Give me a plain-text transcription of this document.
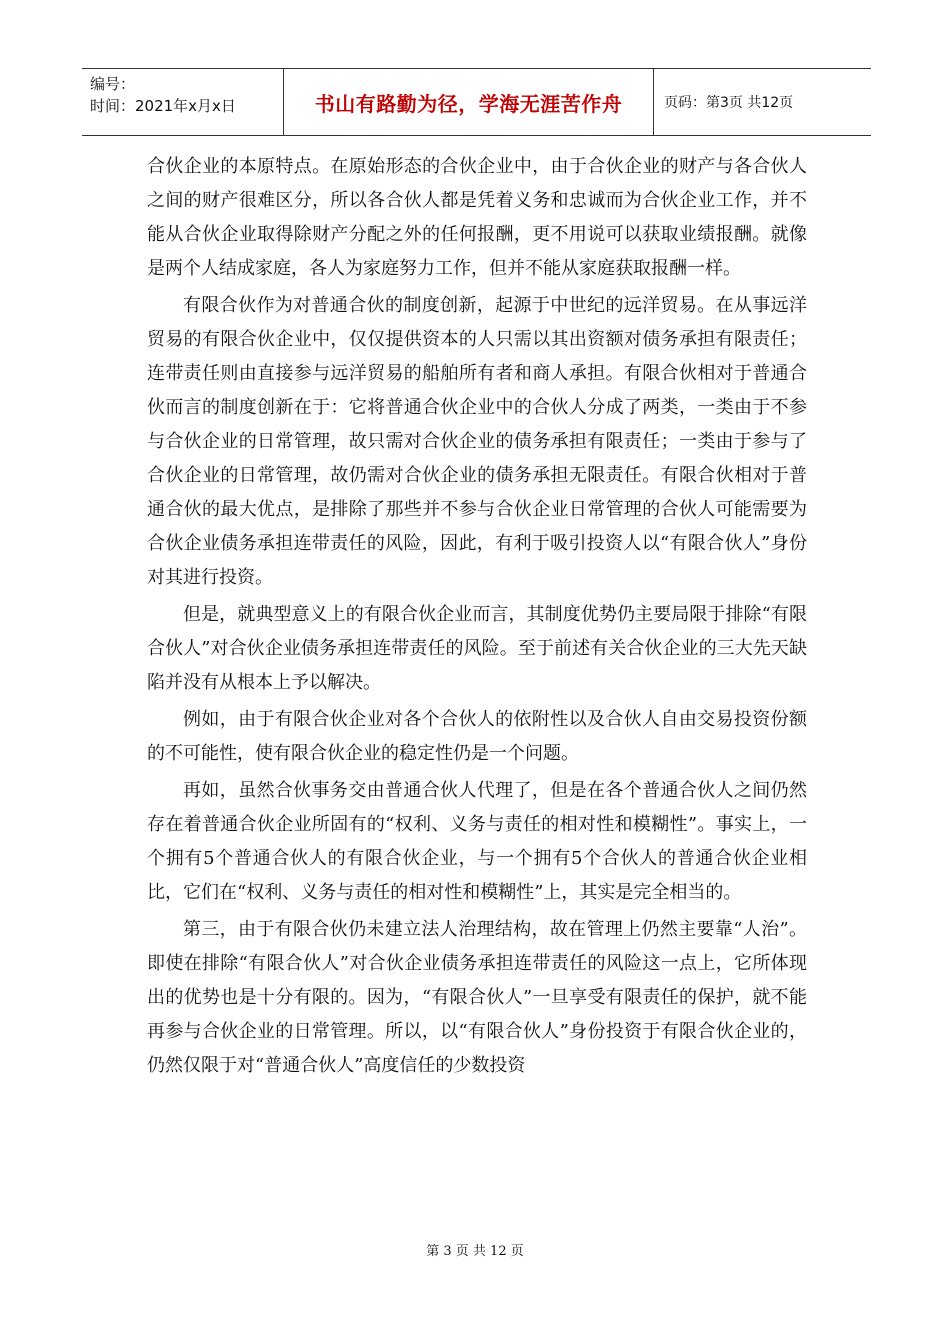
编号：
时间：2021年x月x日	书山有路勤为径，学海无涯苦作舟	页码：第3页 共12页

合伙企业的本原特点。在原始形态的合伙企业中，由于合伙企业的财产与各合伙人之间的财产很难区分，所以各合伙人都是凭着义务和忠诚而为合伙企业工作，并不能从合伙企业取得除财产分配之外的任何报酬，更不用说可以获取业绩报酬。就像是两个人结成家庭，各人为家庭努力工作，但并不能从家庭获取报酬一样。

有限合伙作为对普通合伙的制度创新，起源于中世纪的远洋贸易。在从事远洋贸易的有限合伙企业中，仅仅提供资本的人只需以其出资额对债务承担有限责任；连带责任则由直接参与远洋贸易的船舶所有者和商人承担。有限合伙相对于普通合伙而言的制度创新在于：它将普通合伙企业中的合伙人分成了两类，一类由于不参与合伙企业的日常管理，故只需对合伙企业的债务承担有限责任；一类由于参与了合伙企业的日常管理，故仍需对合伙企业的债务承担无限责任。有限合伙相对于普通合伙的最大优点，是排除了那些并不参与合伙企业日常管理的合伙人可能需要为合伙企业债务承担连带责任的风险，因此，有利于吸引投资人以“有限合伙人”身份对其进行投资。

但是，就典型意义上的有限合伙企业而言，其制度优势仍主要局限于排除“有限合伙人”对合伙企业债务承担连带责任的风险。至于前述有关合伙企业的三大先天缺陷并没有从根本上予以解决。

例如，由于有限合伙企业对各个合伙人的依附性以及合伙人自由交易投资份额的不可能性，使有限合伙企业的稳定性仍是一个问题。

再如，虽然合伙事务交由普通合伙人代理了，但是在各个普通合伙人之间仍然存在着普通合伙企业所固有的“权利、义务与责任的相对性和模糊性”。事实上，一个拥有5个普通合伙人的有限合伙企业，与一个拥有5个合伙人的普通合伙企业相比，它们在“权利、义务与责任的相对性和模糊性”上，其实是完全相当的。

第三，由于有限合伙仍未建立法人治理结构，故在管理上仍然主要靠“人治”。即使在排除“有限合伙人”对合伙企业债务承担连带责任的风险这一点上，它所体现出的优势也是十分有限的。因为，“有限合伙人”一旦享受有限责任的保护，就不能再参与合伙企业的日常管理。所以，以“有限合伙人”身份投资于有限合伙企业的，仍然仅限于对“普通合伙人”高度信任的少数投资

第 3 页 共 12 页
